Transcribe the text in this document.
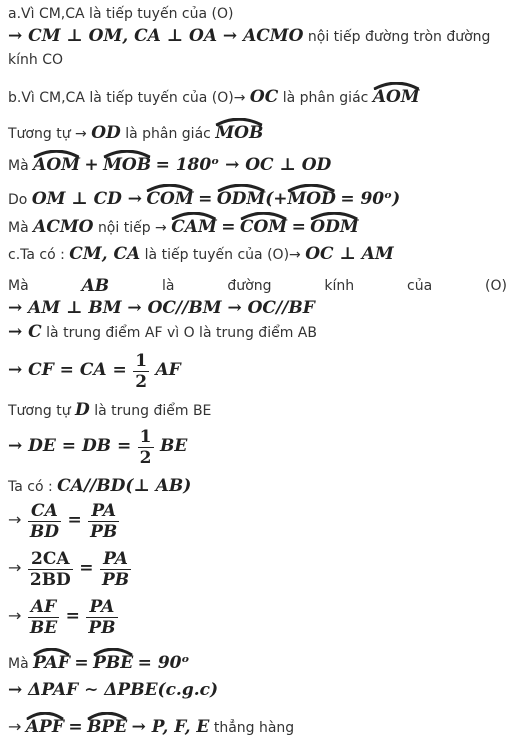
a.Vì CM,CA là tiếp tuyến của (O)
→ CM ⊥ OM, CA ⊥ OA → ACMO nội tiếp đường tròn đường
kính CO
b.Vì CM,CA là tiếp tuyến của (O)→ OC là phân giác AOM
Tương tự → OD là phân giác MOB
Mà AOM + MOB = 180ᵒ → OC ⊥ OD
Do OM ⊥ CD → COM = ODM(+
MOD = 90ᵒ)
Mà ACMO nội tiếp → CAM = COM = ODM
c.Ta có : CM, CA là tiếp tuyến của (O)→ OC ⊥ AM
Mà	AB	là	đường	kính	của	(O)
→ AM ⊥ BM → OC//BM → OC//BF
→ C là trung điểm AF vì O là trung điểm AB
→ CF = CA = $\frac{1}{2}$ AF
Tương tự D là trung điểm BE
→ DE = DB = $\frac{1}{2}$ BE
Ta có : CA//BD(⊥ AB)
→ $\frac{CA}{BD} = \frac{PA}{PB}$
→ $\frac{2CA}{2BD} = \frac{PA}{PB}$
→ $\frac{AF}{BE} = \frac{PA}{PB}$
Mà PAF = PBE = 90ᵒ
→ ΔPAF ∼ ΔPBE(c.g.c)
→ APF = BPE → P, F, E thẳng hàng
